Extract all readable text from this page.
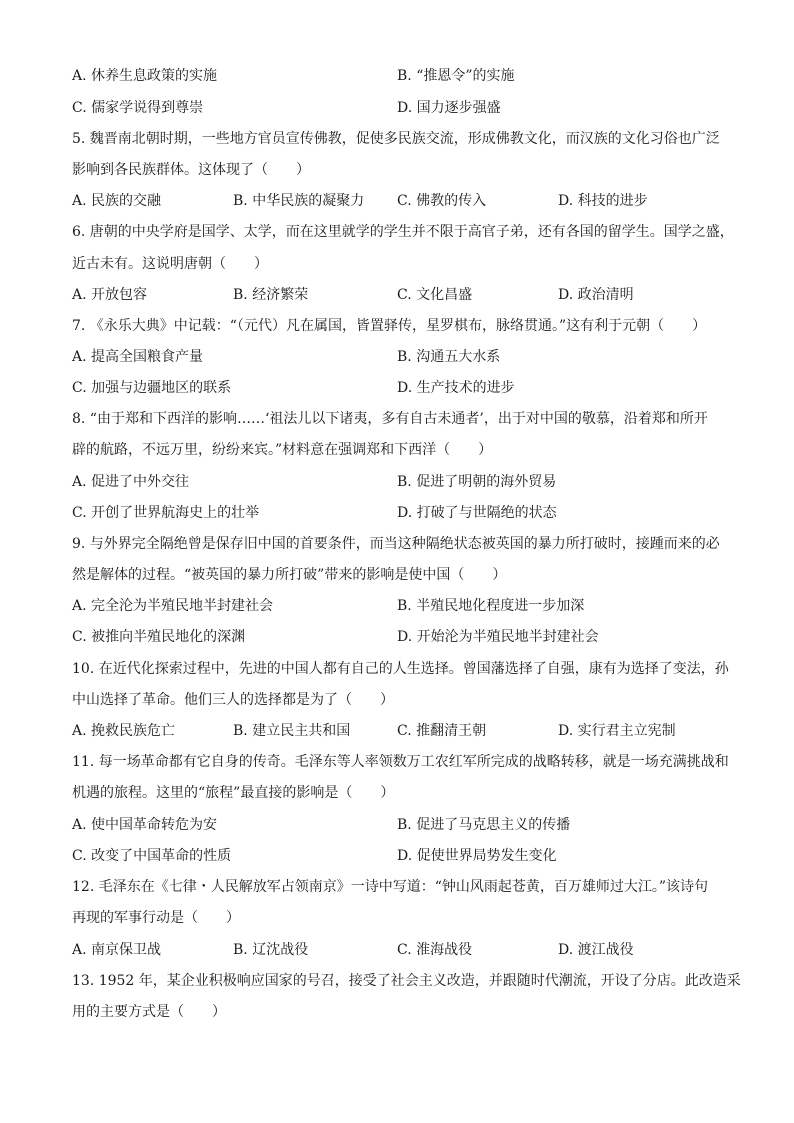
A. 休养生息政策的实施	B. “推恩令”的实施
C. 儒家学说得到尊崇	D. 国力逐步强盛
5. 魏晋南北朝时期，一些地方官员宣传佛教，促使多民族交流，形成佛教文化，而汉族的文化习俗也广泛
影响到各民族群体。这体现了（　　）
A. 民族的交融	B. 中华民族的凝聚力 C. 佛教的传入	D. 科技的进步
6. 唐朝的中央学府是国学、太学，而在这里就学的学生并不限于高官子弟，还有各国的留学生。国学之盛，
近古未有。这说明唐朝（　　）
A. 开放包容	B. 经济繁荣	C. 文化昌盛	D. 政治清明
7. 《永乐大典》中记载：“（元代）凡在属国，皆置驿传，星罗棋布，脉络贯通。”这有利于元朝（　　）
A. 提高全国粮食产量	B. 沟通五大水系
C. 加强与边疆地区的联系	D. 生产技术的进步
8. “由于郑和下西洋的影响……‘祖法儿以下诸夷，多有自古未通者’，出于对中国的敬慕，沿着郑和所开
辟的航路，不远万里，纷纷来宾。”材料意在强调郑和下西洋（　　）
A. 促进了中外交往	B. 促进了明朝的海外贸易
C. 开创了世界航海史上的壮举	D. 打破了与世隔绝的状态
9. 与外界完全隔绝曾是保存旧中国的首要条件，而当这种隔绝状态被英国的暴力所打破时，接踵而来的必
然是解体的过程。“被英国的暴力所打破”带来的影响是使中国（　　）
A. 完全沦为半殖民地半封建社会	B. 半殖民地化程度进一步加深
C. 被推向半殖民地化的深渊	D. 开始沦为半殖民地半封建社会
10. 在近代化探索过程中，先进的中国人都有自己的人生选择。曾国藩选择了自强，康有为选择了变法，孙
中山选择了革命。他们三人的选择都是为了（　　）
A. 挽救民族危亡	B. 建立民主共和国	C. 推翻清王朝	D. 实行君主立宪制
11. 每一场革命都有它自身的传奇。毛泽东等人率领数万工农红军所完成的战略转移，就是一场充满挑战和
机遇的旅程。这里的“旅程”最直接的影响是（　　）
A. 使中国革命转危为安	B. 促进了马克思主义的传播
C. 改变了中国革命的性质	D. 促使世界局势发生变化
12. 毛泽东在《七律・人民解放军占领南京》一诗中写道：“钟山风雨起苍黄，百万雄师过大江。”该诗句
再现的军事行动是（　　）
A. 南京保卫战	B. 辽沈战役	C. 淮海战役	D. 渡江战役
13. 1952 年，某企业积极响应国家的号召，接受了社会主义改造，并跟随时代潮流，开设了分店。此改造采
用的主要方式是（　　）
